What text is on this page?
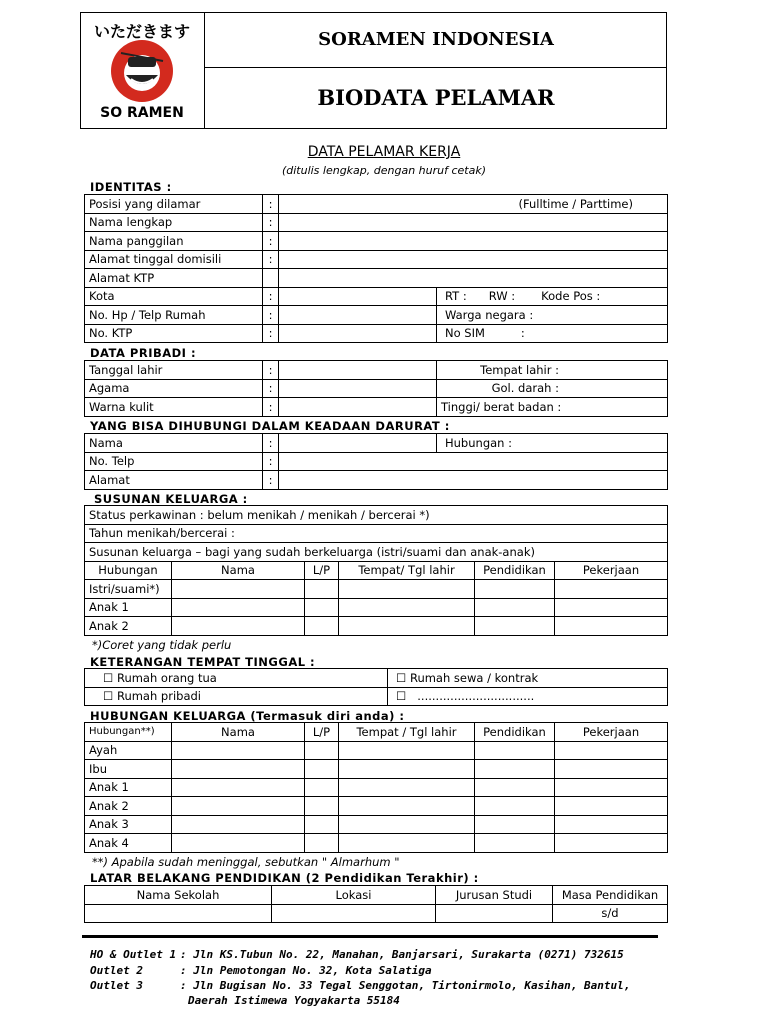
いただきます
SO RAMEN
SORAMEN INDONESIA
BIODATA PELAMAR
DATA PELAMAR KERJA
(ditulis lengkap, dengan huruf cetak)
IDENTITAS :
Posisi yang dilamar	:	(Fulltime / Parttime)	
Nama lengkap	:		
Nama panggilan	:		
Alamat tinggal domisili	:		
Alamat KTP			
Kota	:		RT : RW : Kode Pos :
No. Hp / Telp Rumah	:		Warga negara :
No. KTP	:		No SIM :
DATA PRIBADI :
Tanggal lahir	:		Tempat lahir :
Agama	:		Gol. darah :
Warna kulit	:		Tinggi/ berat badan :
YANG BISA DIHUBUNGI DALAM KEADAAN DARURAT :
Nama	:		Hubungan :
No. Telp	:		
Alamat	:		
SUSUNAN KELUARGA :
Status perkawinan : belum menikah / menikah / bercerai *)					
Tahun menikah/bercerai :					
Susunan keluarga – bagi yang sudah berkeluarga (istri/suami dan anak-anak)					
Hubungan	Nama	L/P	Tempat/ Tgl lahir	Pendidikan	Pekerjaan
Istri/suami*)					
Anak 1					
Anak 2					
*)Coret yang tidak perlu
KETERANGAN TEMPAT TINGGAL :
☐ Rumah orang tua	☐ Rumah sewa / kontrak
☐ Rumah pribadi	☐ ................................
HUBUNGAN KELUARGA (Termasuk diri anda) :
Hubungan**)	Nama	L/P	Tempat / Tgl lahir	Pendidikan	Pekerjaan
Ayah					
Ibu					
Anak 1					
Anak 2					
Anak 3					
Anak 4					
**) Apabila sudah meninggal, sebutkan " Almarhum "
LATAR BELAKANG PENDIDIKAN (2 Pendidikan Terakhir) :
Nama Sekolah	Lokasi	Jurusan Studi	Masa Pendidikan
			s/d
HO & Outlet 1 : Jln KS.Tubun No. 22, Manahan, Banjarsari, Surakarta (0271) 732615
Outlet 2	: Jln Pemotongan No. 32, Kota Salatiga
Outlet 3	: Jln Bugisan No. 33 Tegal Senggotan, Tirtonirmolo, Kasihan, Bantul,
Daerah Istimewa Yogyakarta 55184
